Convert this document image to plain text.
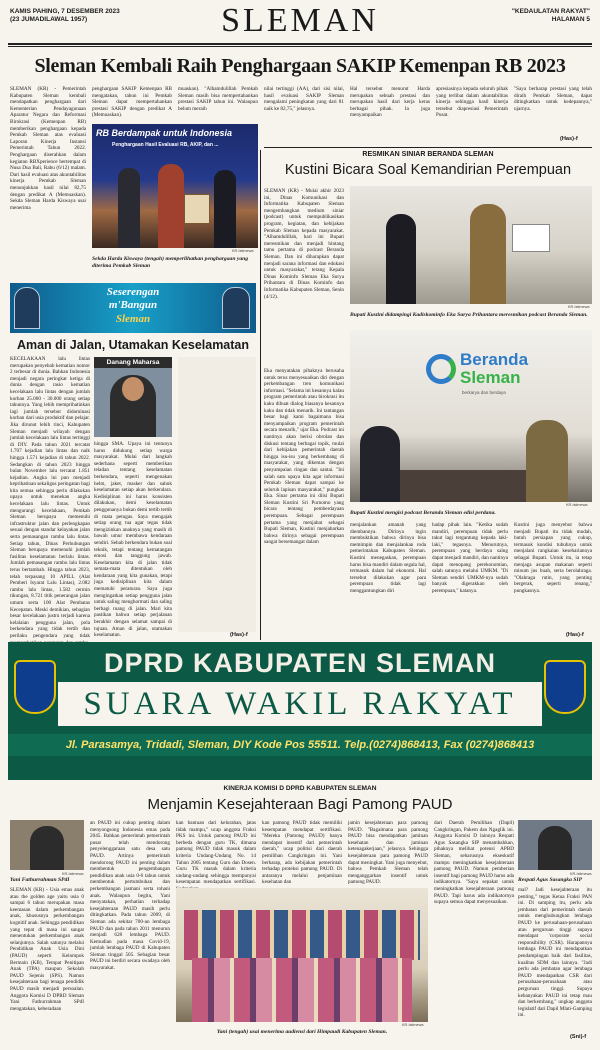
KAMIS PAHING, 7 DESEMBER 2023
(23 JUMADILAWAL 1957)	SLEMAN	"KEDAULATAN RAKYAT"
HALAMAN 5
Sleman Kembali Raih Penghargaan SAKIP Kemenpan RB 2023
SLEMAN (KR) - Pemerintah Kabupaten Sleman kembali mendapatkan penghargaan dari Kementerian Pendayagunaan Aparatur Negara dan Reformasi Birokrasi (Kemenpan RB) memberikan penghargaan kepada Pemkab Sleman atas evaluasi Laporan Kinerja Instansi Pemerintah Tahun 2022. Penghargaan diserahkan dalam kegiatan RBXperience bertempat di Nusa Dua Bali, Rabu (6/12) malam. Dari hasil evaluasi atas akuntabilitas kinerja Pemkab Sleman menunjukkan hasil nilai 82,75 dengan predikat A (Memuaskan). Sekda Sleman Harda Kiswaya usai menerima
penghargaan SAKIP Kemenpan RB mengatakan, tahun ini Pemkab Sleman dapat mempertahankan prestasi SAKIP dengan predikat A (Memuaskan).
muaskan). "Alhamdulillah Pemkab Sleman masih bisa mempertahankan prestasi SAKIP tahun ini. Walaupun belum meraih
nilai tertinggi (AA), dari sisi nilai, hasil evaluasi SAKIP Sleman mengalami peningkatan yang dari 81 naik ke 82,75," jelasnya.
Hal tersebut menurut Harda merupakan sebuah prestasi dan merupakan hasil dari kerja keras berbagai pihak. Ia juga menyampaikan
apresiasinya kepada seluruh pihak yang terlibat dalam akuntabilitas kinerja sehingga hasil kinerja tersebut diapresiasi Pemerintah Pusat.
"Saya berharap prestasi yang telah diraih Pemkab Sleman, dapat ditingkatkan untuk kedepannya," ujarnya.
(Has)-f
RB Berdampak untuk Indonesia
Penghargaan Hasil Evaluasi RB, AKIP, dan ...
KR-Istimewa
Sekda Harda Kiswaya (tengah) memperlihatkan penghargaan yang diterima Pemkab Sleman
RESMIKAN SINIAR BERANDA SLEMAN
Kustini Bicara Soal Kemandirian Perempuan
SLEMAN (KR) - Mulai akhir 2023 ini, Dinas Komunikasi dan Informatika Kabupaten Sleman mengembangkan medium siniar (podcast) untuk mempublikasikan program, kegiatan, dan kebijakan Pemkab Sleman kepada masyarakat. "Alhamdulillah, hari ini Bupati meresmikan dan menjadi bintang tamu pertama di podcast Beranda Sleman. Dan ini diharapkan dapat menjadi sarana informasi dan edukasi untuk masyarakat," terang Kepala Dinas Kominfo Sleman Eka Surya Prihantara di Dinas Kominfo dan Informatika Kabupaten Sleman, Senin (4/12).
KR-Istimewa
Bupati Kustini didampingi Kadiskominfo Eka Surya Prihantara meresmikan podcast Beranda Sleman.
Eka menyatakan pihaknya berusaha untuk terus menyesuaikan diri dengan perkembangan tren komunikasi informasi. "Selama ini kesannya kalau program pemerintah atau birokrasi itu kaku dibuat dialog biasanya kesannya kaku dan tidak menarik. Ini tantangan besar bagi kami bagaimana bisa menyampaikan program pemerintah secara menarik," ujar Eka. Podcast ini nantinya akan berisi obrolan dan diskusi tentang berbagai topik, mulai dari kebijakan pemerintah daerah hingga isu-isu yang berkembang di masyarakat, yang dikemas dengan penyampaian ringan dan santai. "Ini salah satu upaya kita agar informasi Pemkab Sleman dapat sampai ke seluruh lapisan masyarakat," pungkas Eka. Sinar pertama ini diisi Bupati Sleman Kustini Sri Purnomo yang bicara tentang pemberdayaan perempuan. Sebagai perempuan pertama yang menjabat sebagai Bupati Sleman, Kustini menjabarkan bahwa dirinya sebagai perempuan sangat bersemangat dalam
Beranda
Sleman
berkarya dan berdaya
KR-Istimewa
Bupati Kustini mengisi podcast Beranda Sleman edisi perdana.
menjalankan amanah yang diembannya. Dirinya ingin membuktikan bahwa dirinya bisa memimpin dan menjalankan roda pemerintahan Kabupaten Sleman. Kustini menegaskan, perempuan harus bisa mandiri dalam segala hal, termasuk dalam hal ekonomi. Hal tersebut dilakukan agar para perempuan tidak lagi menggantungkan diri
hadap pihak lain. "Ketika sudah mandiri, perempuan tidak perlu takut lagi tergantung kepada laki-laki," tegasnya. Menurutnya, perempuan yang berdaya saing dapat menjadi mandiri, dan nantinya dapat menopang perekonomian, salah satunya melalui UMKM. "Di Sleman sendiri UMKM-nya sudah banyak digerakkan oleh perempuan," katanya.
Kustini juga menyebut bahwa menjadi Bupati itu tidak mudah, butuh persiapan yang cukup, termasuk kondisi tubuhnya untuk menjalani rangkaian kesehariannya sebagai Bupati. Untuk itu, ia tetap menjaga asupan makanan seperti minum jus buah, serta berolahraga. "Olahraga rutin, yang penting bergerak, seperti renang," pungkasnya.
(Has)-f
Seserengan
m'Bangun
Sleman
Aman di Jalan, Utamakan Keselamatan
KECELAKAAN lalu lintas merupakan penyebab kematian nomor 2 terbesar di dunia. Bahkan Indonesia menjadi negara peringkat ketiga di dunia dengan rasio kematian kecelakaan lalu lintas dengan jumlah korban 25.000 - 30.000 orang setiap tahunnya. Yang lebih memprihatinkan lagi jumlah tersebut didominasi korban dari usia produktif dan pelajar. Jika dirunut lebih rinci, Kabupaten Sleman menjadi wilayah dengan jumlah kecelakaan lalu lintas tertinggi di DIY. Pada tahun 2021 tercatat 1.707 kejadian lalu lintas dan naik hingga 1.571 kejadian di tahun 2022. Sedangkan di tahun 2023 hingga bulan November lalu tercatat 1.851 kejadian. Angka ini pun menjadi keprihatinan sekaligus peringatan bagi kita semua sehingga perlu dilakukan upaya untuk menekan angka kecelakaan lalu lintas. Untuk mengurangi kecelakaan, Pemkab Sleman berupaya memenuhi infrastruktur jalan dan perlengkapan sesuai dengan standar kelayakan jalan serta pemasangan rambu lalu lintas. Setiap tahun, Dinas Perhubungan Sleman berupaya memenuhi jumlah fasilitas keselamatan berlalu lintas. Jumlah pemasangan rambu lalu lintas terus bertambah. Hingga tahun 2023, telah terpasang 10 APILL (Alat Pemberi Isyarat Lalu Lintas), 2.082 rambu lalu lintas, 1.582 cermin tikungan, 8.721 titik penerangan jalan umum serta 100 Alat Pembatas Kecepatan. Meski demikian, sebagian besar kecelakaan justru terjadi karena kelalaian pengguna jalan, pola berkendara yang tidak tertib dan perilaku pengendara yang tidak
Danang Maharsa
hingga SMA. Upaya ini tentunya harus didukung setiap warga masyarakat. Mulai dari langkah sederhana seperti memberikan teladan tentang keselamatan berkendara, seperti mengenakan helm, jaket, masker dan sabuk keselamatan setiap akan berkendara. Kedisiplinan ini harus konsisten dilakukan, demi keselamatan penggunanya bukan demi tertib tertib di mata petugas. Saya mengajak setiap orang tua agar tegas tidak mengizinkan anaknya yang masih di bawah umur membawa kendaraan sendiri. Sebab berkendara bukan soal teknik, tetapi tentang kematangan emosi dan tanggung jawab. Keselamatan kita di jalan tidak semata-mata ditentukan oleh kendaraan yang kita gunakan, tetapi juga kedisiplinan kita dalam mematuhi peraturan. Saya juga mengingatkan setiap pengguna jalan untuk saling menghormati dan saling berbagi ruang di jalan. Mari kita pastikan bahwa setiap perjalanan berakhir dengan selamat sampai di tujuan. Aman di jalan, utamakan keselamatan.	(Has)-f
DPRD KABUPATEN SLEMAN
SUARA WAKIL RAKYAT
Jl. Parasamya, Tridadi, Sleman, DIY Kode Pos 55511. Telp.(0274)868413, Fax (0274)868413
KINERJA KOMISI D DPRD KABUPATEN SLEMAN
Menjamin Kesejahteraan Bagi Pamong PAUD
KR-Istimewa
Yani Fathurrahman SPdI
SLEMAN (KR) - Usia emas anak atau the golden age yaitu usia 0 sampai 6 tahun merupakan masa keemasan dalam perkembangan anak, khususnya perkembangan kognitif anak. Sehingga pendidikan yang tepat di masa ini sangat menentukan perkembangan anak selanjutnya. Salah satunya melalui Pendidikan Anak Usia Dini (PAUD) seperti Kelompok Bermain (KB), Tempat Penitipan Anak (TPA) maupun Sekolah PAUD Sejenis (SPS). Namun kesejahteraan bagi tenaga pendidik PAUD masih menjadi persoalan. Anggota Komisi D DPRD Sleman Yani Fathurrahman SPdI mengatakan, keberadaan
an PAUD ini cukup penting dalam menyongsong Indonesia emas pada 2045. Bahkan pemerintah pemerintah pusat telah mendorong penyelenggaraan satu desa satu PAUD. Artinya pemerintah mendorong PAUD ini penting dalam membentuk pengembangan pendidikan anak usia 0-6 tahun untuk membentuk pertumbuhan dan perkembangan jasmani serta rohani anak. Walaupun begitu, Yani menyatakan, perhatian terhadap kesejahteraan PAUD masih perlu ditingkatkan. Pada tahun 2009, di Sleman ada sekitar 700-an lembaga PAUD dan pada tahun 2011 menurun menjadi 628 lembaga PAUD. Kemudian pada masa Covid-19, jumlah lembaga PAUD di Kabupaten Sleman tinggal 505. Sebagian besar PAUD ini berdiri secara swadaya oleh masyarakat.
kan bantuan dari kelurahan, jatas tidak mampu," ucap anggota Fraksi PKS ini. Untuk pamong PAUD ini berbeda dengan guru TK, dimana pamong PAUD tidak masuk dalam kriteria Undang-Undang No. 14 Tahun 2005 tentang Guru dan Dosen. Guru TK masuk dalam kriteria undang-undang sehingga mempunyai kesempatan mendapatkan sertifikasi.
kan pamong PAUD tidak memiliki kesempatan mendapat sertifikasi. "Mereka (Pamong PAUD) hanya mendapat insentif dari pemerintah daerah," ucap politisi dari daerah pemilihan Cangkringan ini. Yani berharap, ada kebijakan pemerintah terhadap proteksi pamong PAUD. Di antaranya melalui penjaminan kesehatan dan
jamin kesejahteraan para pamong PAUD. "Bagaimana para pamong PAUD bisa mendapatkan jaminan kesehatan dan jaminan ketenagakerjaan," jelasnya. Sehingga kesejahteraan para pamong PAUD dapat meningkat. Yani juga menyebut, bahwa Pemkab Sleman telah menganggarkan insentif untuk pamong PAUD.
dari Daerah Pemilihan (Dapil) Cangkringan, Pakem dan Ngaglik ini. Anggota Komisi D lainnya Respati Agus Sasangka SIP menambahkan, pihaknya melihat potensi APBD Sleman, seharusnya ekseskutif mampu meningkatkan kesejahteraan pamong PAUD. Namun pemberian insentif bagi pamong PAUD harus ada indikatornya. "Saya sepakat untuk meningkatkan kesejahteraan pamong PAUD. Tapi harus ada indikatornya supaya semua dapat menyesuaikan.
KR-Istimewa
Respati Agus Sasangka SIP
mal? Jadi kesejahteraan itu penting," tegas Ketua Fraksi PAN ini. Di samping itu, perlu ada jembatan dari pemerintah daerah untuk menghubungkan lembaga PAUD ke perusahaan-perusahaan atau perguruan tinggi supaya mendapat 'corporate social responsibility (CSR). Harapannya lembaga PAUD ini mendapatkan pendampingan baik dari fasilitas, kualitas SDM dan lainnya. "Jadi perlu ada jembatan agar lembaga PAUD mendapatkan CSR dari perusahaan-perusahaan atau perguruan tinggi. Supaya kebanyakan PAUD ini tetap mau dan berkembang," ungkap anggota legislatif dari Dapil Mlati-Gamping ini.
(Sni)-f
KR-Istimewa
Yani (tengah) usai menerima audiensi dari Himpaudi Kabupaten Sleman.
